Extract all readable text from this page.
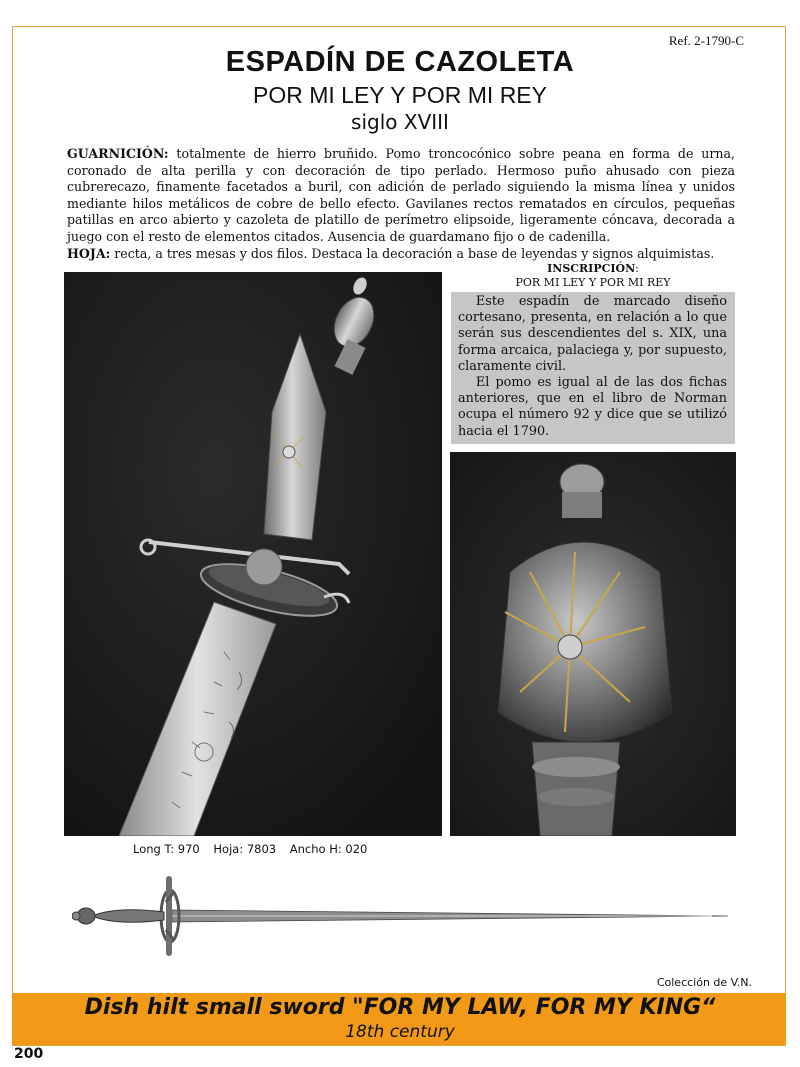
Ref. 2-1790-C
ESPADÍN DE CAZOLETA
POR MI LEY Y POR MI REY
siglo XVIII

GUARNICIÓN: totalmente de hierro bruñido. Pomo troncocónico sobre peana en forma de urna, coronado de alta perilla y con decoración de tipo perlado. Hermoso puño ahusado con pieza cubrerecazo, finamente facetados a buril, con adición de perlado siguiendo la misma línea y unidos mediante hilos metálicos de cobre de bello efecto. Gavilanes rectos rematados en círculos, pequeñas patillas en arco abierto y cazoleta de platillo de perímetro elipsoide, ligeramente cóncava, decorada a juego con el resto de elementos citados. Ausencia de guardamano fijo o de cadenilla.

HOJA: recta, a tres mesas y dos filos. Destaca la decoración a base de leyendas y signos alquimistas.

INSCRIPCIÓN:
POR MI LEY Y POR MI REY

Este espadín de marcado diseño cortesano, presenta, en relación a lo que serán sus descendientes del s. XIX, una forma arcaica, palaciega y, por supuesto, claramente civil.

El pomo es igual al de las dos fichas anteriores, que en el libro de Norman ocupa el número 92 y dice que se utilizó hacia el 1790.

Long T: 970 Hoja: 7803 Ancho H: 020
Colección de V.N.
Dish hilt small sword "FOR MY LAW, FOR MY KING“
18th century
200
